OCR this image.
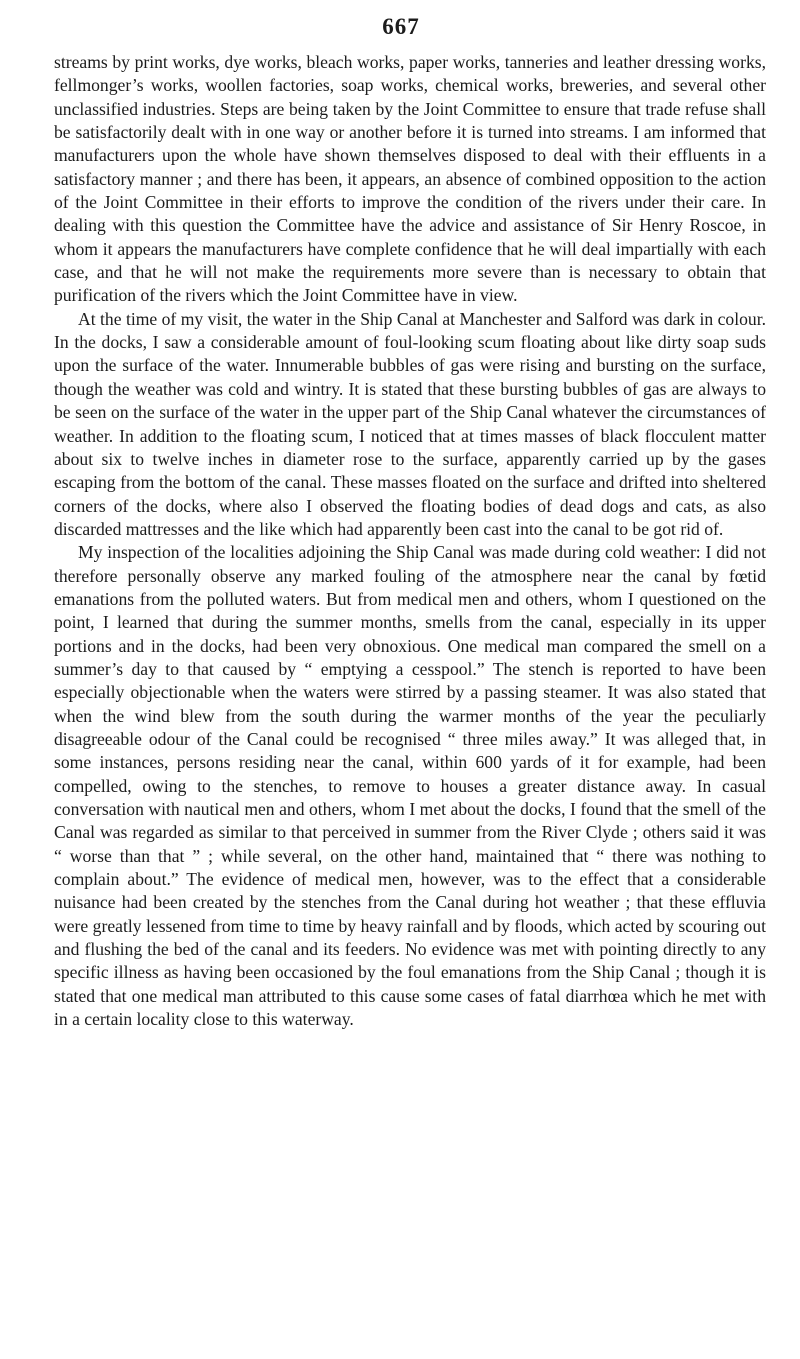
667

streams by print works, dye works, bleach works, paper works, tanneries and leather dressing works, fellmonger’s works, woollen factories, soap works, chemical works, breweries, and several other unclassified industries. Steps are being taken by the Joint Committee to ensure that trade refuse shall be satisfactorily dealt with in one way or another before it is turned into streams. I am informed that manufacturers upon the whole have shown themselves disposed to deal with their effluents in a satisfactory manner ; and there has been, it appears, an absence of combined opposition to the action of the Joint Committee in their efforts to improve the condition of the rivers under their care. In dealing with this question the Committee have the advice and assistance of Sir Henry Roscoe, in whom it appears the manufacturers have complete confidence that he will deal impartially with each case, and that he will not make the requirements more severe than is necessary to obtain that purification of the rivers which the Joint Committee have in view.

At the time of my visit, the water in the Ship Canal at Manchester and Salford was dark in colour. In the docks, I saw a considerable amount of foul-looking scum floating about like dirty soap suds upon the surface of the water. Innumerable bubbles of gas were rising and bursting on the surface, though the weather was cold and wintry. It is stated that these bursting bubbles of gas are always to be seen on the surface of the water in the upper part of the Ship Canal whatever the circumstances of weather. In addition to the floating scum, I noticed that at times masses of black flocculent matter about six to twelve inches in diameter rose to the surface, apparently carried up by the gases escaping from the bottom of the canal. These masses floated on the surface and drifted into sheltered corners of the docks, where also I observed the floating bodies of dead dogs and cats, as also discarded mattresses and the like which had apparently been cast into the canal to be got rid of.

My inspection of the localities adjoining the Ship Canal was made during cold weather: I did not therefore personally observe any marked fouling of the atmosphere near the canal by fœtid emanations from the polluted waters. But from medical men and others, whom I questioned on the point, I learned that during the summer months, smells from the canal, especially in its upper portions and in the docks, had been very obnoxious. One medical man compared the smell on a summer’s day to that caused by “ emptying a cesspool.” The stench is reported to have been especially objectionable when the waters were stirred by a passing steamer. It was also stated that when the wind blew from the south during the warmer months of the year the peculiarly disagreeable odour of the Canal could be recognised “ three miles away.” It was alleged that, in some instances, persons residing near the canal, within 600 yards of it for example, had been compelled, owing to the stenches, to remove to houses a greater distance away. In casual conversation with nautical men and others, whom I met about the docks, I found that the smell of the Canal was regarded as similar to that perceived in summer from the River Clyde ; others said it was “ worse than that ” ; while several, on the other hand, maintained that “ there was nothing to complain about.” The evidence of medical men, however, was to the effect that a considerable nuisance had been created by the stenches from the Canal during hot weather ; that these effluvia were greatly lessened from time to time by heavy rainfall and by floods, which acted by scouring out and flushing the bed of the canal and its feeders. No evidence was met with pointing directly to any specific illness as having been occasioned by the foul emanations from the Ship Canal ; though it is stated that one medical man attributed to this cause some cases of fatal diarrhœa which he met with in a certain locality close to this waterway.
